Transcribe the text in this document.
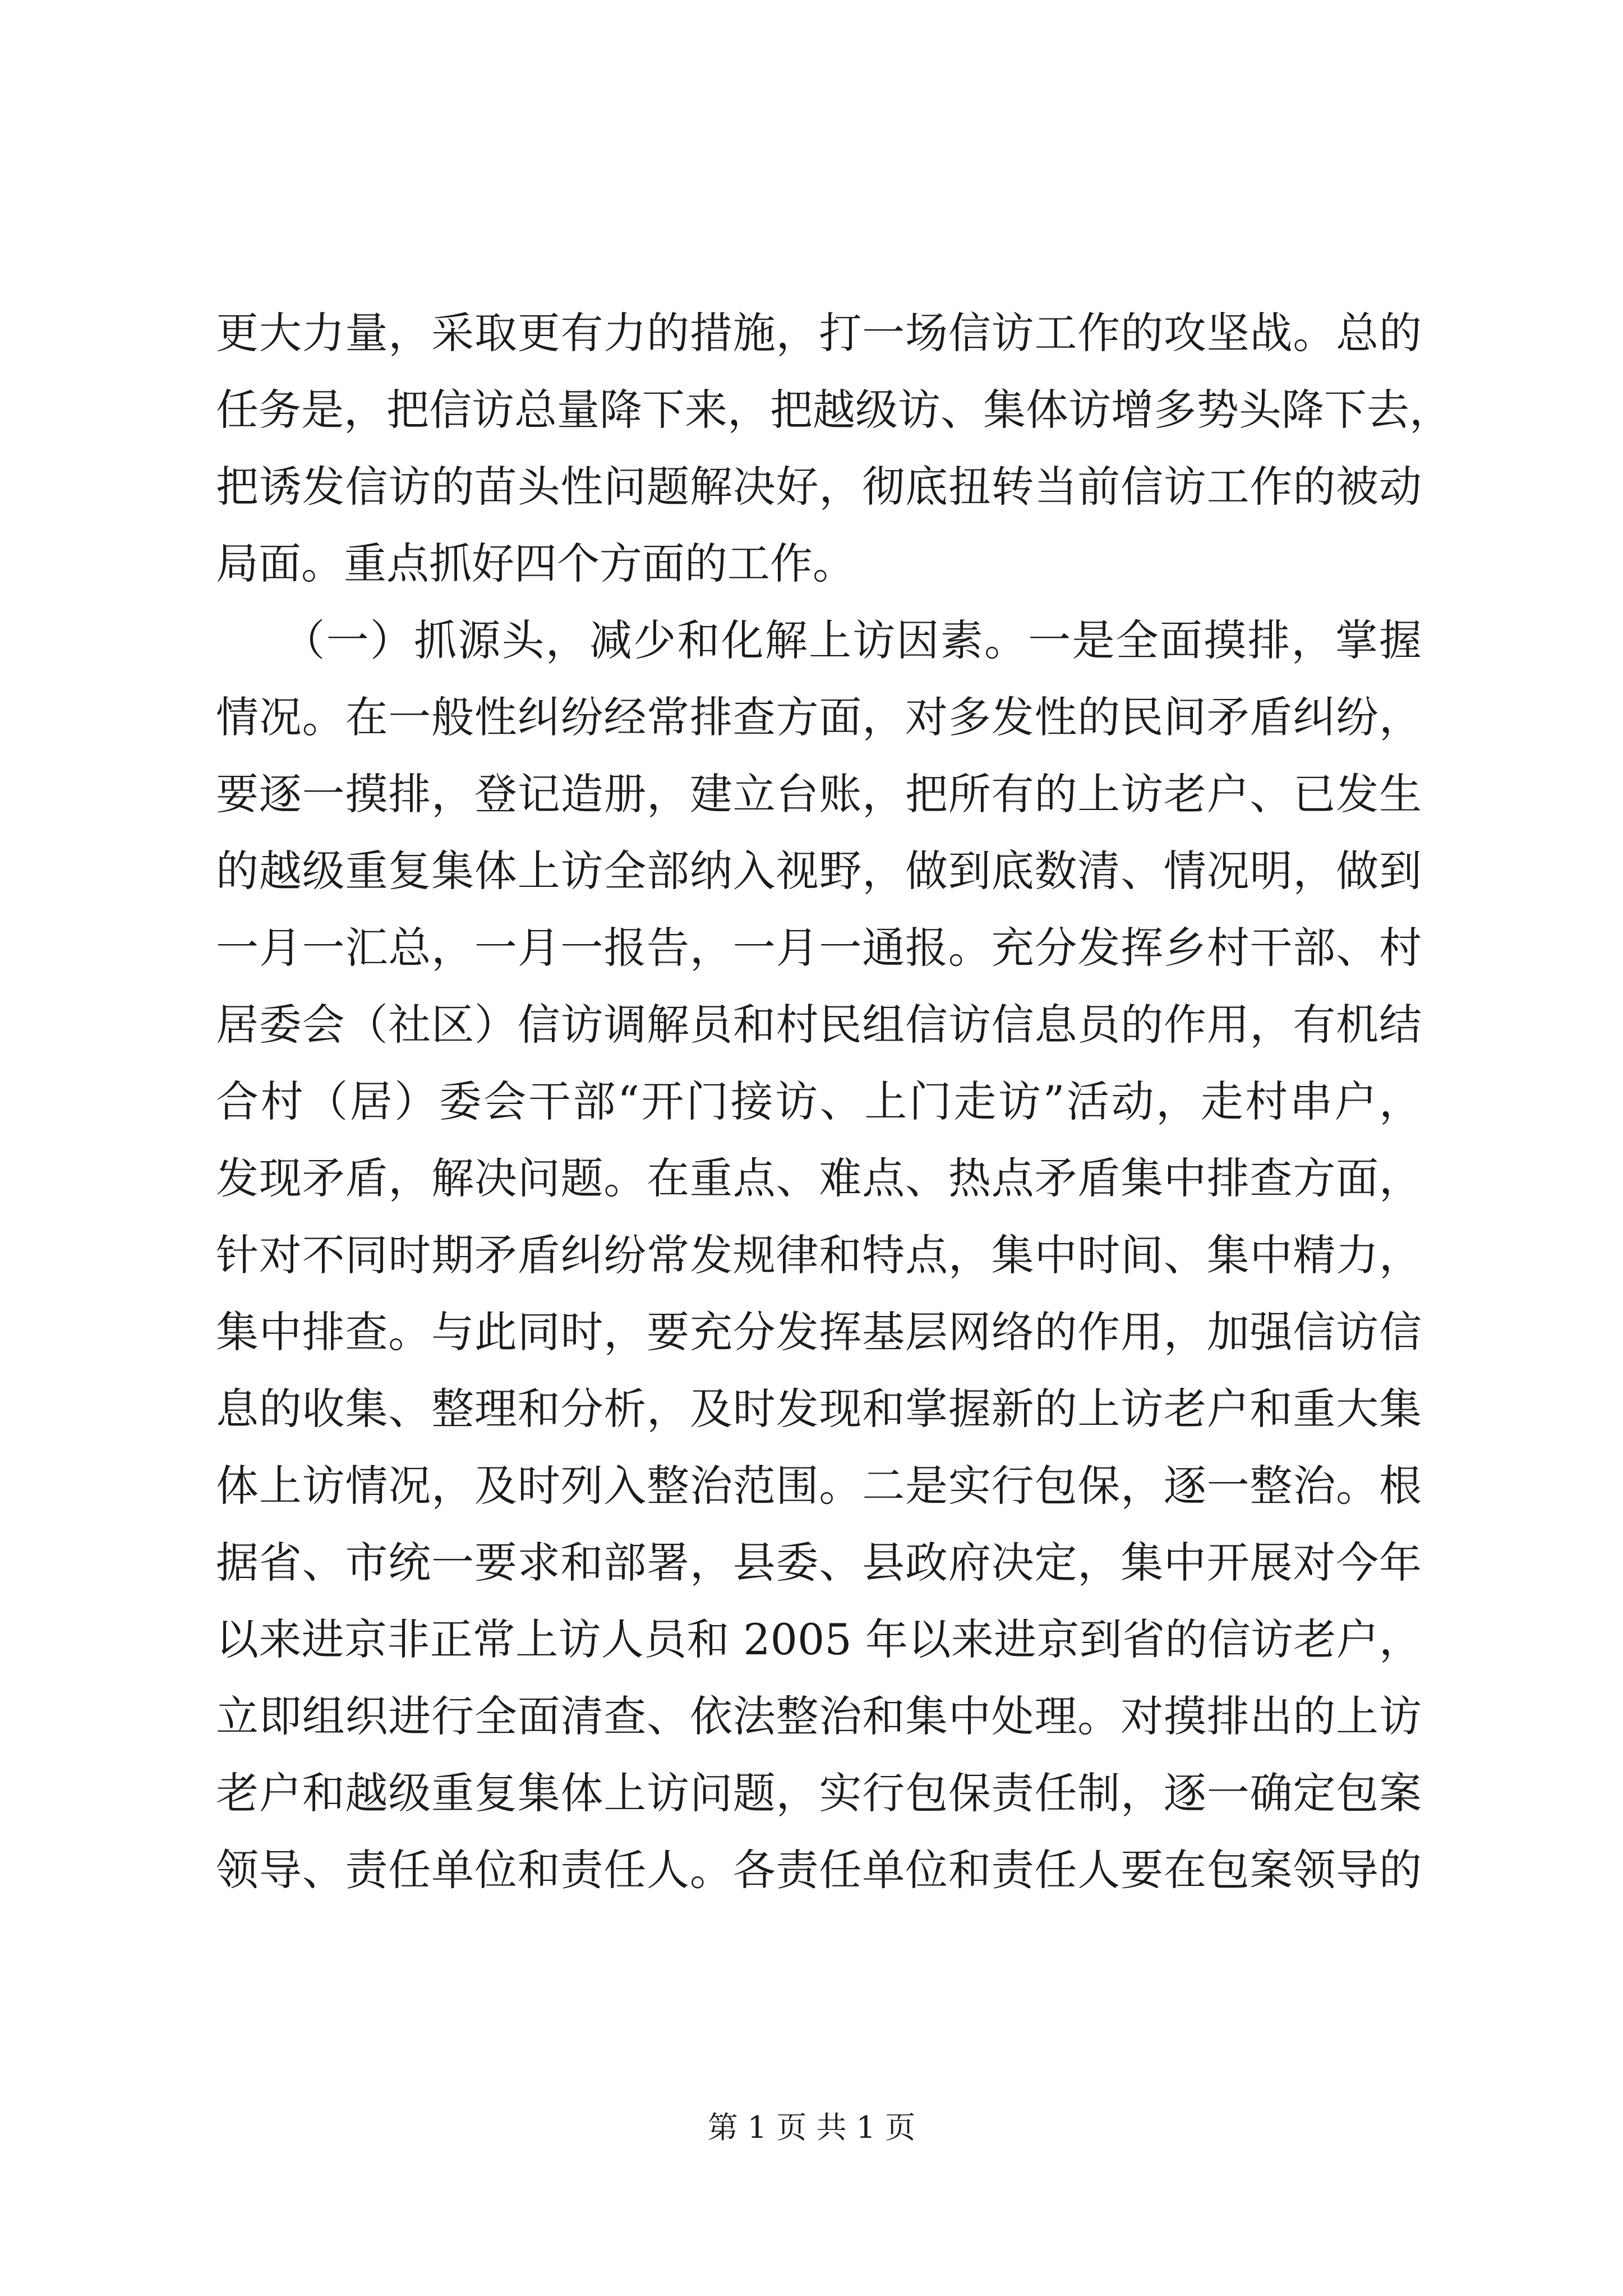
更大力量，采取更有力的措施，打一场信访工作的攻坚战。总的
任务是，把信访总量降下来，把越级访、集体访增多势头降下去，
把诱发信访的苗头性问题解决好，彻底扭转当前信访工作的被动
局面。重点抓好四个方面的工作。
　　（一）抓源头，减少和化解上访因素。一是全面摸排，掌握
情况。在一般性纠纷经常排查方面，对多发性的民间矛盾纠纷，
要逐一摸排，登记造册，建立台账，把所有的上访老户、已发生
的越级重复集体上访全部纳入视野，做到底数清、情况明，做到
一月一汇总，一月一报告，一月一通报。充分发挥乡村干部、村
居委会（社区）信访调解员和村民组信访信息员的作用，有机结
合村（居）委会干部“开门接访、上门走访”活动，走村串户，
发现矛盾，解决问题。在重点、难点、热点矛盾集中排查方面，
针对不同时期矛盾纠纷常发规律和特点，集中时间、集中精力，
集中排查。与此同时，要充分发挥基层网络的作用，加强信访信
息的收集、整理和分析，及时发现和掌握新的上访老户和重大集
体上访情况，及时列入整治范围。二是实行包保，逐一整治。根
据省、市统一要求和部署，县委、县政府决定，集中开展对今年
以来进京非正常上访人员和 2005 年以来进京到省的信访老户，
立即组织进行全面清查、依法整治和集中处理。对摸排出的上访
老户和越级重复集体上访问题，实行包保责任制，逐一确定包案
领导、责任单位和责任人。各责任单位和责任人要在包案领导的
第 1 页 共 1 页
